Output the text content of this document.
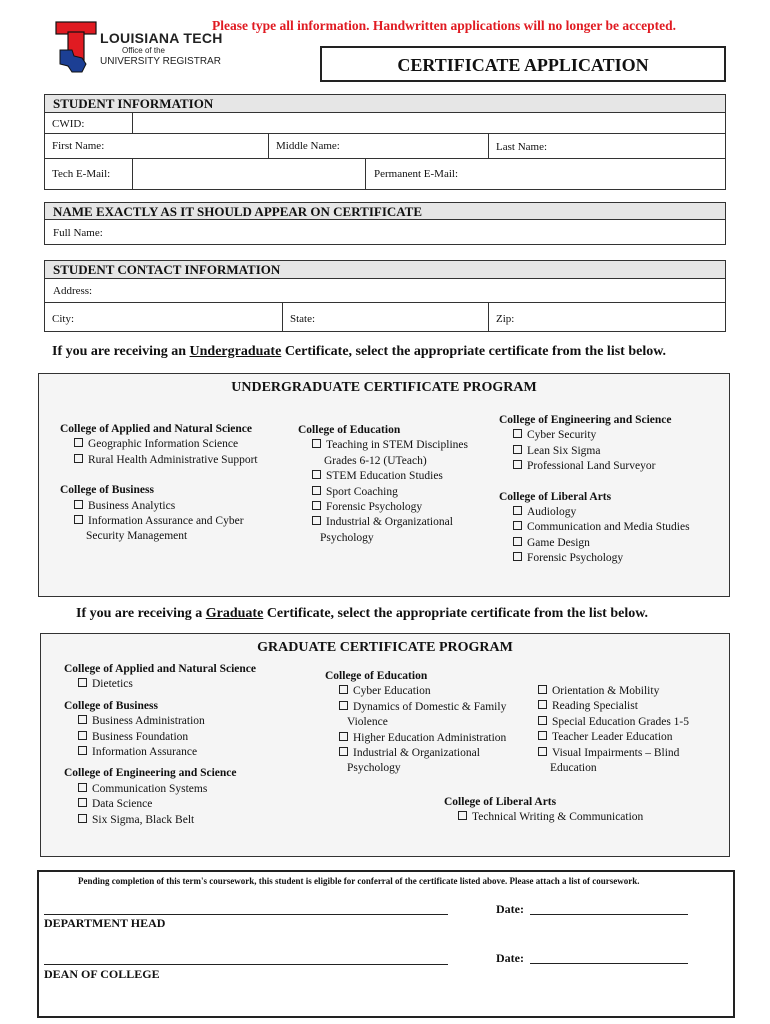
LOUISIANA TECH
Office of the
UNIVERSITY REGISTRAR
Please type all information. Handwritten applications will no longer be accepted.
CERTIFICATE APPLICATION
STUDENT INFORMATION
CWID:
First Name:	Middle Name:	Last Name:
Tech E-Mail:	Permanent E-Mail:
NAME EXACTLY AS IT SHOULD APPEAR ON CERTIFICATE
Full Name:
STUDENT CONTACT INFORMATION
Address:
City:	State:	Zip:
If you are receiving an Undergraduate Certificate, select the appropriate certificate from the list below.
UNDERGRADUATE CERTIFICATE PROGRAM
College of Applied and Natural Science
Geographic Information Science
Rural Health Administrative Support
College of Business
Business Analytics
Information Assurance and Cyber
Security Management
College of Education
Teaching in STEM Disciplines
Grades 6-12 (UTeach)
STEM Education Studies
Sport Coaching
Forensic Psychology
Industrial & Organizational
Psychology
College of Engineering and Science
Cyber Security
Lean Six Sigma
Professional Land Surveyor
College of Liberal Arts
Audiology
Communication and Media Studies
Game Design
Forensic Psychology
If you are receiving a Graduate Certificate, select the appropriate certificate from the list below.
GRADUATE CERTIFICATE PROGRAM
College of Applied and Natural Science
Dietetics
College of Business
Business Administration
Business Foundation
Information Assurance
College of Engineering and Science
Communication Systems
Data Science
Six Sigma, Black Belt
College of Education
Cyber Education
Dynamics of Domestic & Family
Violence
Higher Education Administration
Industrial & Organizational
Psychology
Orientation & Mobility
Reading Specialist
Special Education Grades 1-5
Teacher Leader Education
Visual Impairments – Blind
Education
College of Liberal Arts
Technical Writing & Communication
Pending completion of this term's coursework, this student is eligible for conferral of the certificate listed above. Please attach a list of coursework.
DEPARTMENT HEAD
Date:
DEAN OF COLLEGE
Date:
